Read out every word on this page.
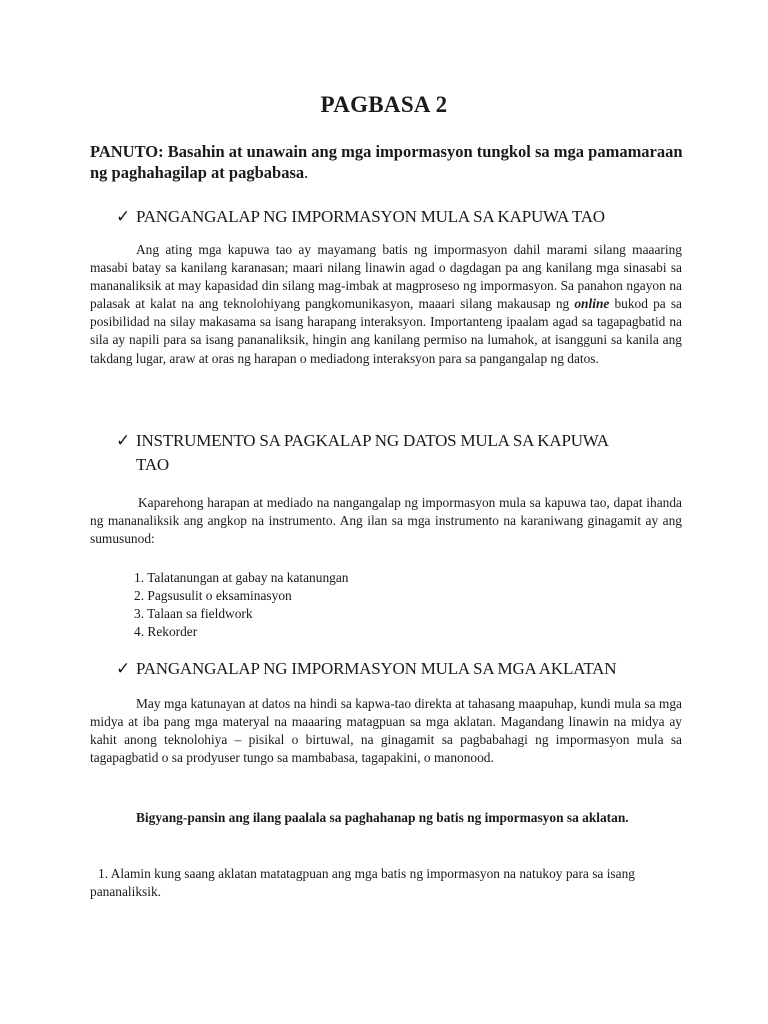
PAGBASA 2
PANUTO: Basahin at unawain ang mga impormasyon tungkol sa mga pamamaraan ng paghahagilap at pagbabasa.
✓ PANGANGALAP NG IMPORMASYON MULA SA KAPUWA TAO
Ang ating mga kapuwa tao ay mayamang batis ng impormasyon dahil marami silang maaaring masabi batay sa kanilang karanasan; maari nilang linawin agad o dagdagan pa ang kanilang mga sinasabi sa mananaliksik at may kapasidad din silang mag-imbak at magproseso ng impormasyon. Sa panahon ngayon na palasak at kalat na ang teknolohiyang pangkomunikasyon, maaari silang makausap ng online bukod pa sa posibilidad na silay makasama sa isang harapang interaksyon. Importanteng ipaalam agad sa tagapagbatid na sila ay napili para sa isang pananaliksik, hingin ang kanilang permiso na lumahok, at isangguni sa kanila ang takdang lugar, araw at oras ng harapan o mediadong interaksyon para sa pangangalap ng datos.
✓ INSTRUMENTO SA PAGKALAP NG DATOS MULA SA KAPUWA
TAO
Kaparehong harapan at mediado na nangangalap ng impormasyon mula sa kapuwa tao, dapat ihanda ng mananaliksik ang angkop na instrumento. Ang ilan sa mga instrumento na karaniwang ginagamit ay ang sumusunod:
1. Talatanungan at gabay na katanungan
2. Pagsusulit o eksaminasyon
3. Talaan sa fieldwork
4. Rekorder
✓ PANGANGALAP NG IMPORMASYON MULA SA MGA AKLATAN
May mga katunayan at datos na hindi sa kapwa-tao direkta at tahasang maapuhap, kundi mula sa mga midya at iba pang mga materyal na maaaring matagpuan sa mga aklatan. Magandang linawin na midya ay kahit anong teknolohiya – pisikal o birtuwal, na ginagamit sa pagbabahagi ng impormasyon mula sa tagapagbatid o sa prodyuser tungo sa mambabasa, tagapakini, o manonood.
Bigyang-pansin ang ilang paalala sa paghahanap ng batis ng impormasyon sa aklatan.
1. Alamin kung saang aklatan matatagpuan ang mga batis ng impormasyon na natukoy para sa isang pananaliksik.
